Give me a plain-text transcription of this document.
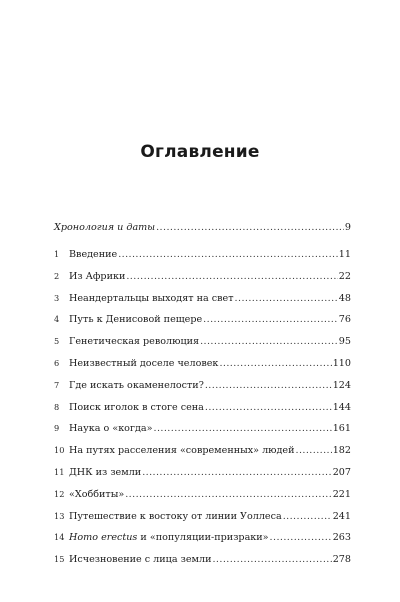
Оглавление
Хронология и даты .....	9
1	Введение .....	11
2	Из Африки .....	22
3	Неандертальцы выходят на свет .....	48
4	Путь к Денисовой пещере .....	76
5	Генетическая революция .....	95
6	Неизвестный доселе человек .....	110
7	Где искать окаменелости? .....	124
8	Поиск иголок в стоге сена .....	144
9	Наука о «когда» .....	161
10 На путях расселения «современных» людей .....	182
11 ДНК из земли .....	207
12 «Хоббиты» .....	221
13 Путешествие к востоку от линии Уоллеса .....	241
14 Homo erectus и «популяции-призраки» .....	263
15 Исчезновение с лица земли .....	278
